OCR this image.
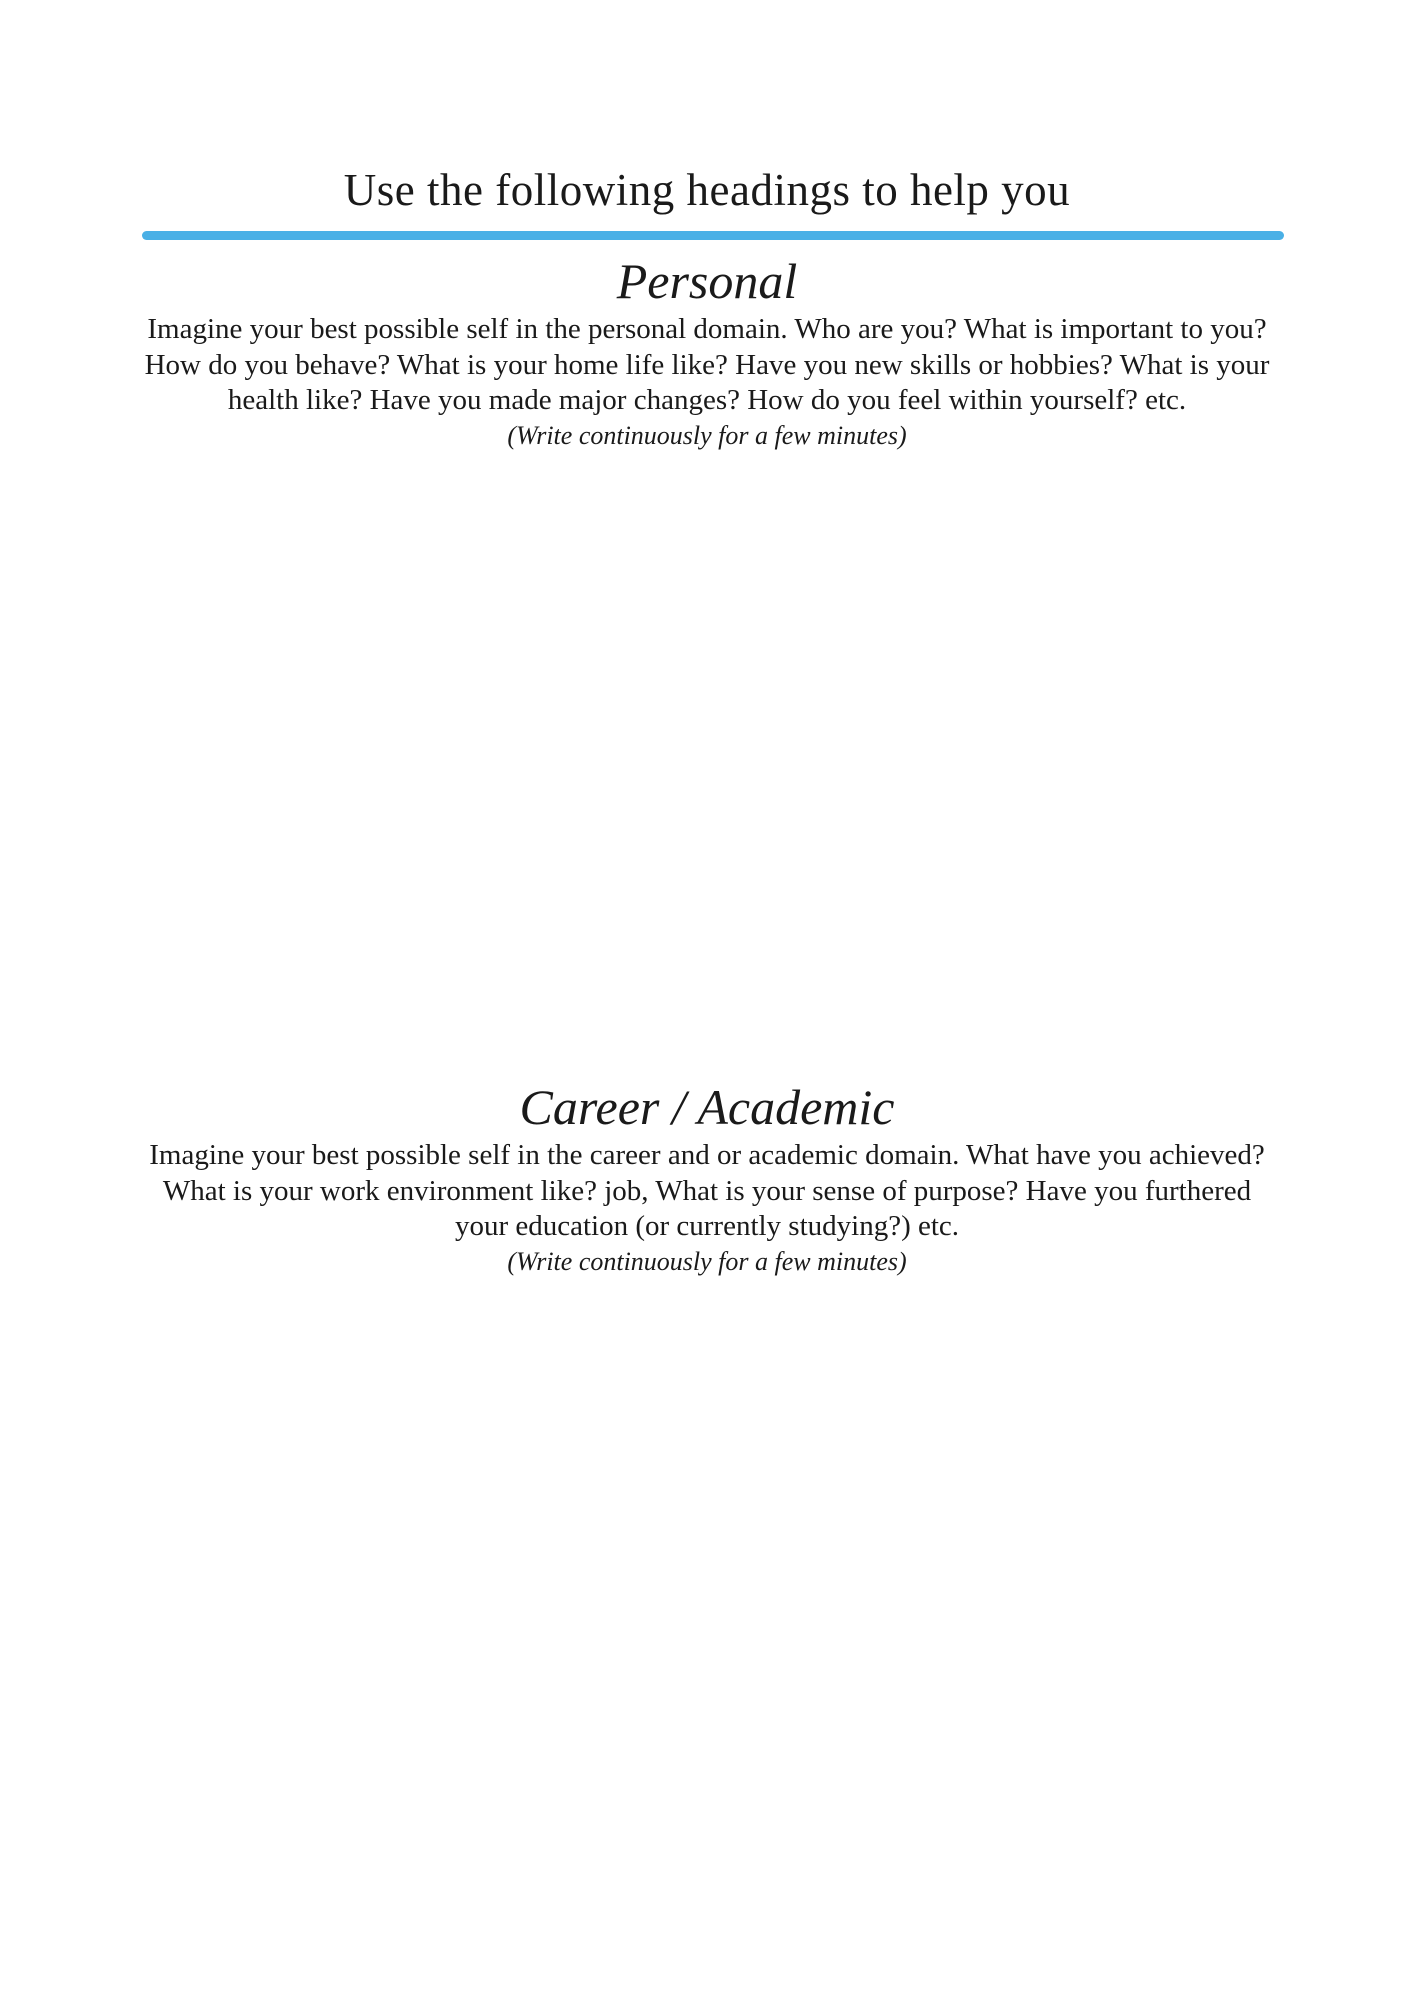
Use the following headings to help you
Personal

Imagine your best possible self in the personal domain. Who are you? What is important to you? How do you behave? What is your home life like? Have you new skills or hobbies? What is your health like? Have you made major changes? How do you feel within yourself? etc.

(Write continuously for a few minutes)

Career / Academic

Imagine your best possible self in the career and or academic domain. What have you achieved? What is your work environment like? job, What is your sense of purpose? Have you furthered your education (or currently studying?) etc.

(Write continuously for a few minutes)
